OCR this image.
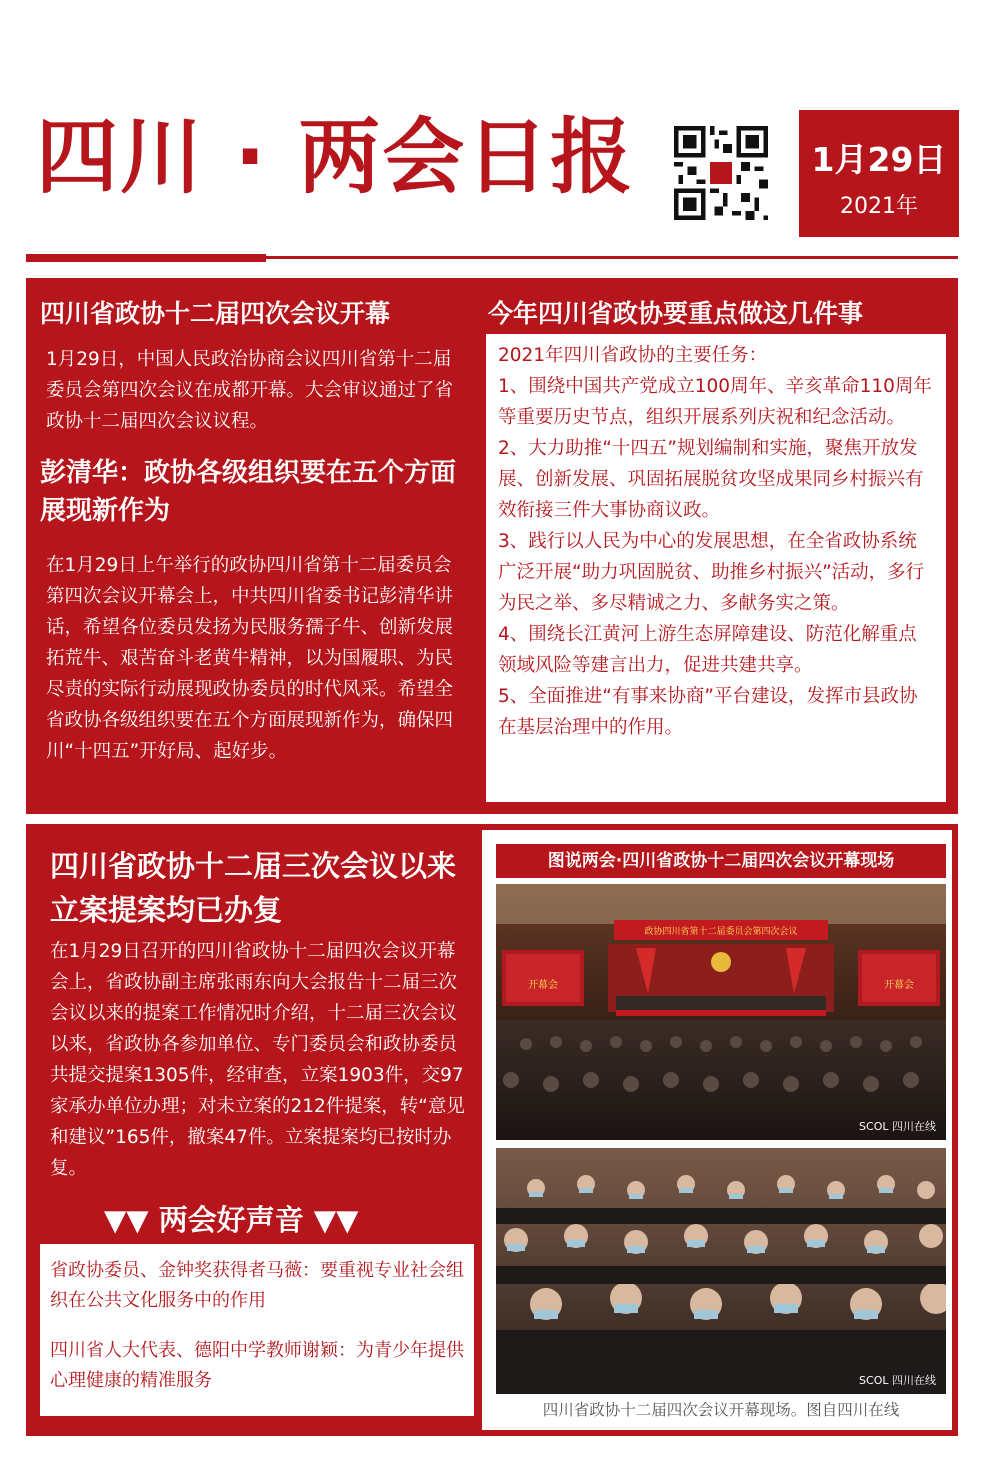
四川 · 两会日报	1月29日
2021年
四川省政协十二届四次会议开幕
1月29日，中国人民政治协商会议四川省第十二届委员会第四次会议在成都开幕。大会审议通过了省政协十二届四次会议议程。
彭清华：政协各级组织要在五个方面展现新作为
在1月29日上午举行的政协四川省第十二届委员会第四次会议开幕会上，中共四川省委书记彭清华讲话，希望各位委员发扬为民服务孺子牛、创新发展拓荒牛、艰苦奋斗老黄牛精神，以为国履职、为民尽责的实际行动展现政协委员的时代风采。希望全省政协各级组织要在五个方面展现新作为，确保四川“十四五”开好局、起好步。
今年四川省政协要重点做这几件事

2021年四川省政协的主要任务：

1、围绕中国共产党成立100周年、辛亥革命110周年等重要历史节点，组织开展系列庆祝和纪念活动。

2、大力助推“十四五”规划编制和实施，聚焦开放发展、创新发展、巩固拓展脱贫攻坚成果同乡村振兴有效衔接三件大事协商议政。

3、践行以人民为中心的发展思想，在全省政协系统广泛开展“助力巩固脱贫、助推乡村振兴”活动，多行为民之举、多尽精诚之力、多献务实之策。

4、围绕长江黄河上游生态屏障建设、防范化解重点领域风险等建言出力，促进共建共享。

5、全面推进“有事来协商”平台建设，发挥市县政协在基层治理中的作用。

四川省政协十二届三次会议以来立案提案均已办复
在1月29日召开的四川省政协十二届四次会议开幕会上，省政协副主席张雨东向大会报告十二届三次会议以来的提案工作情况时介绍，十二届三次会议以来，省政协各参加单位、专门委员会和政协委员共提交提案1305件，经审查，立案1903件，交97家承办单位办理；对未立案的212件提案，转“意见和建议”165件，撤案47件。立案提案均已按时办复。
▼▼ 两会好声音 ▼▼

省政协委员、金钟奖获得者马薇：要重视专业社会组织在公共文化服务中的作用

四川省人大代表、德阳中学教师谢颖：为青少年提供心理健康的精准服务

图说两会·四川省政协十二届四次会议开幕现场
政协四川省第十二届委员会第四次会议
开幕会	开幕会
SCOL 四川在线
SCOL 四川在线
四川省政协十二届四次会议开幕现场。图自四川在线
